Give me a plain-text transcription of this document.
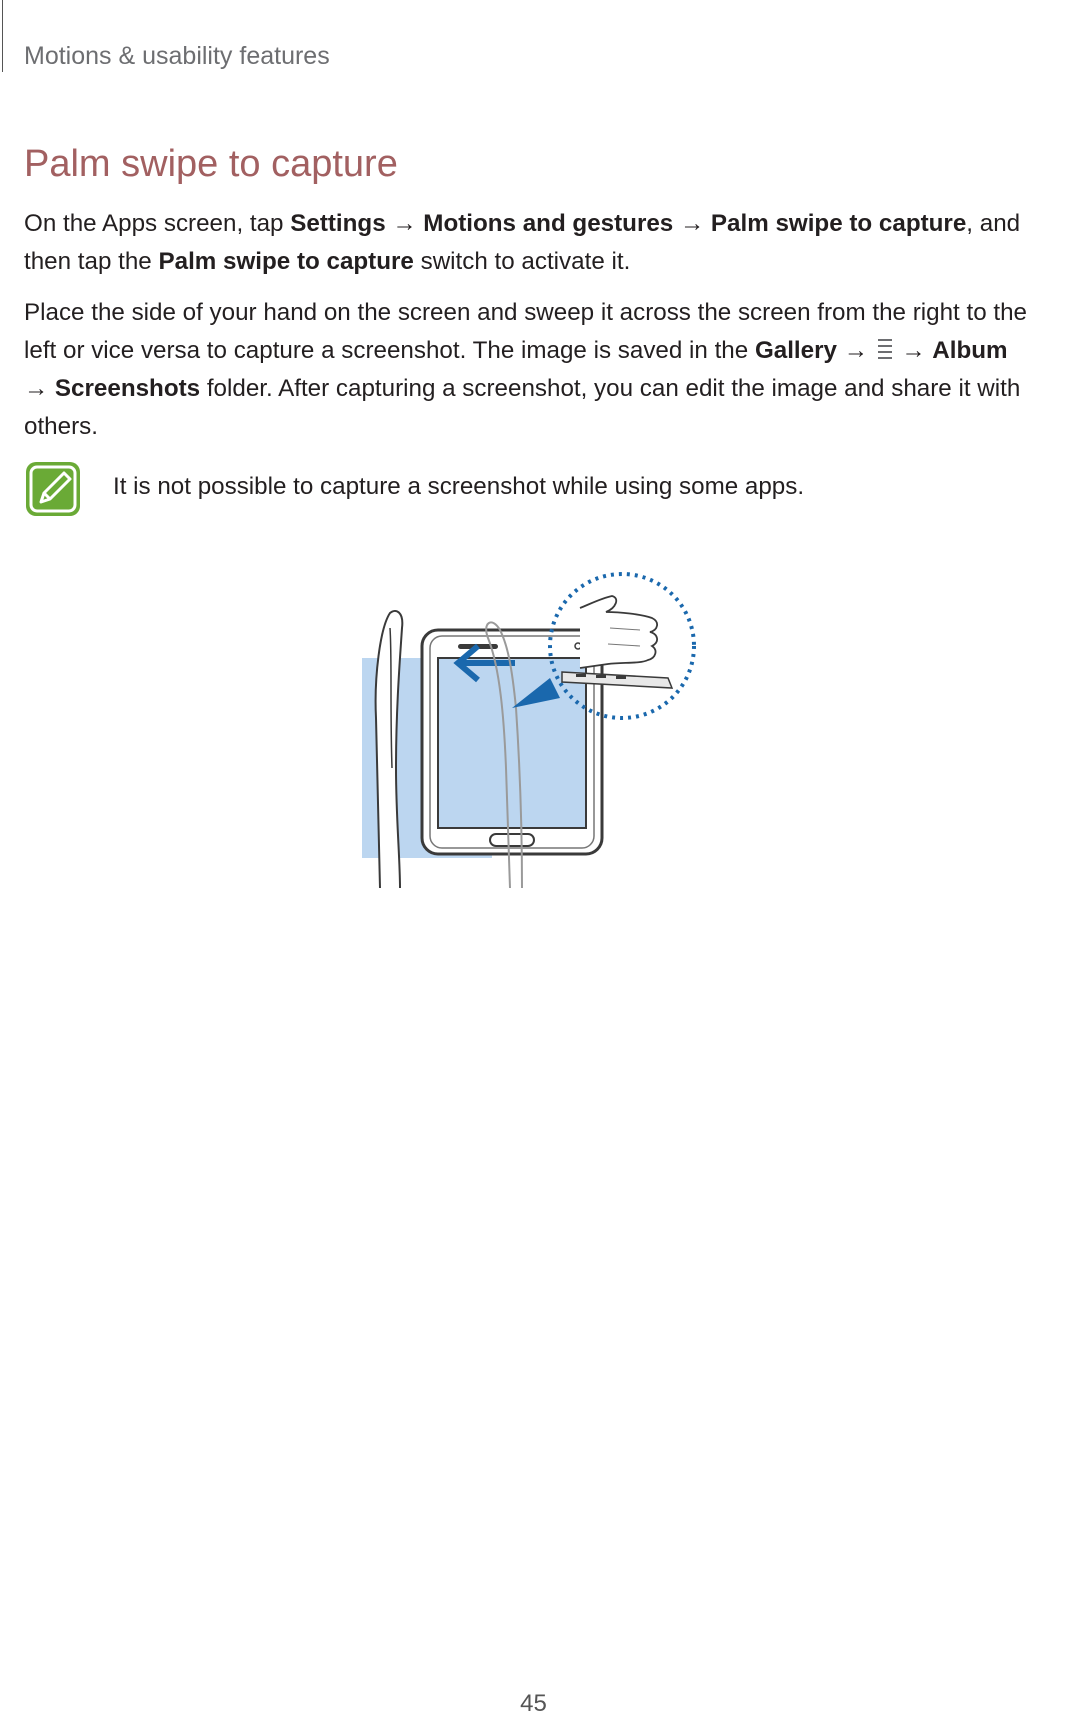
Motions & usability features
Palm swipe to capture

On the Apps screen, tap Settings → Motions and gestures → Palm swipe to capture, and
then tap the Palm swipe to capture switch to activate it.

Place the side of your hand on the screen and sweep it across the screen from the right to the
left or vice versa to capture a screenshot. The image is saved in the Gallery →  → Album
→ Screenshots folder. After capturing a screenshot, you can edit the image and share it with
others.

It is not possible to capture a screenshot while using some apps.
45
